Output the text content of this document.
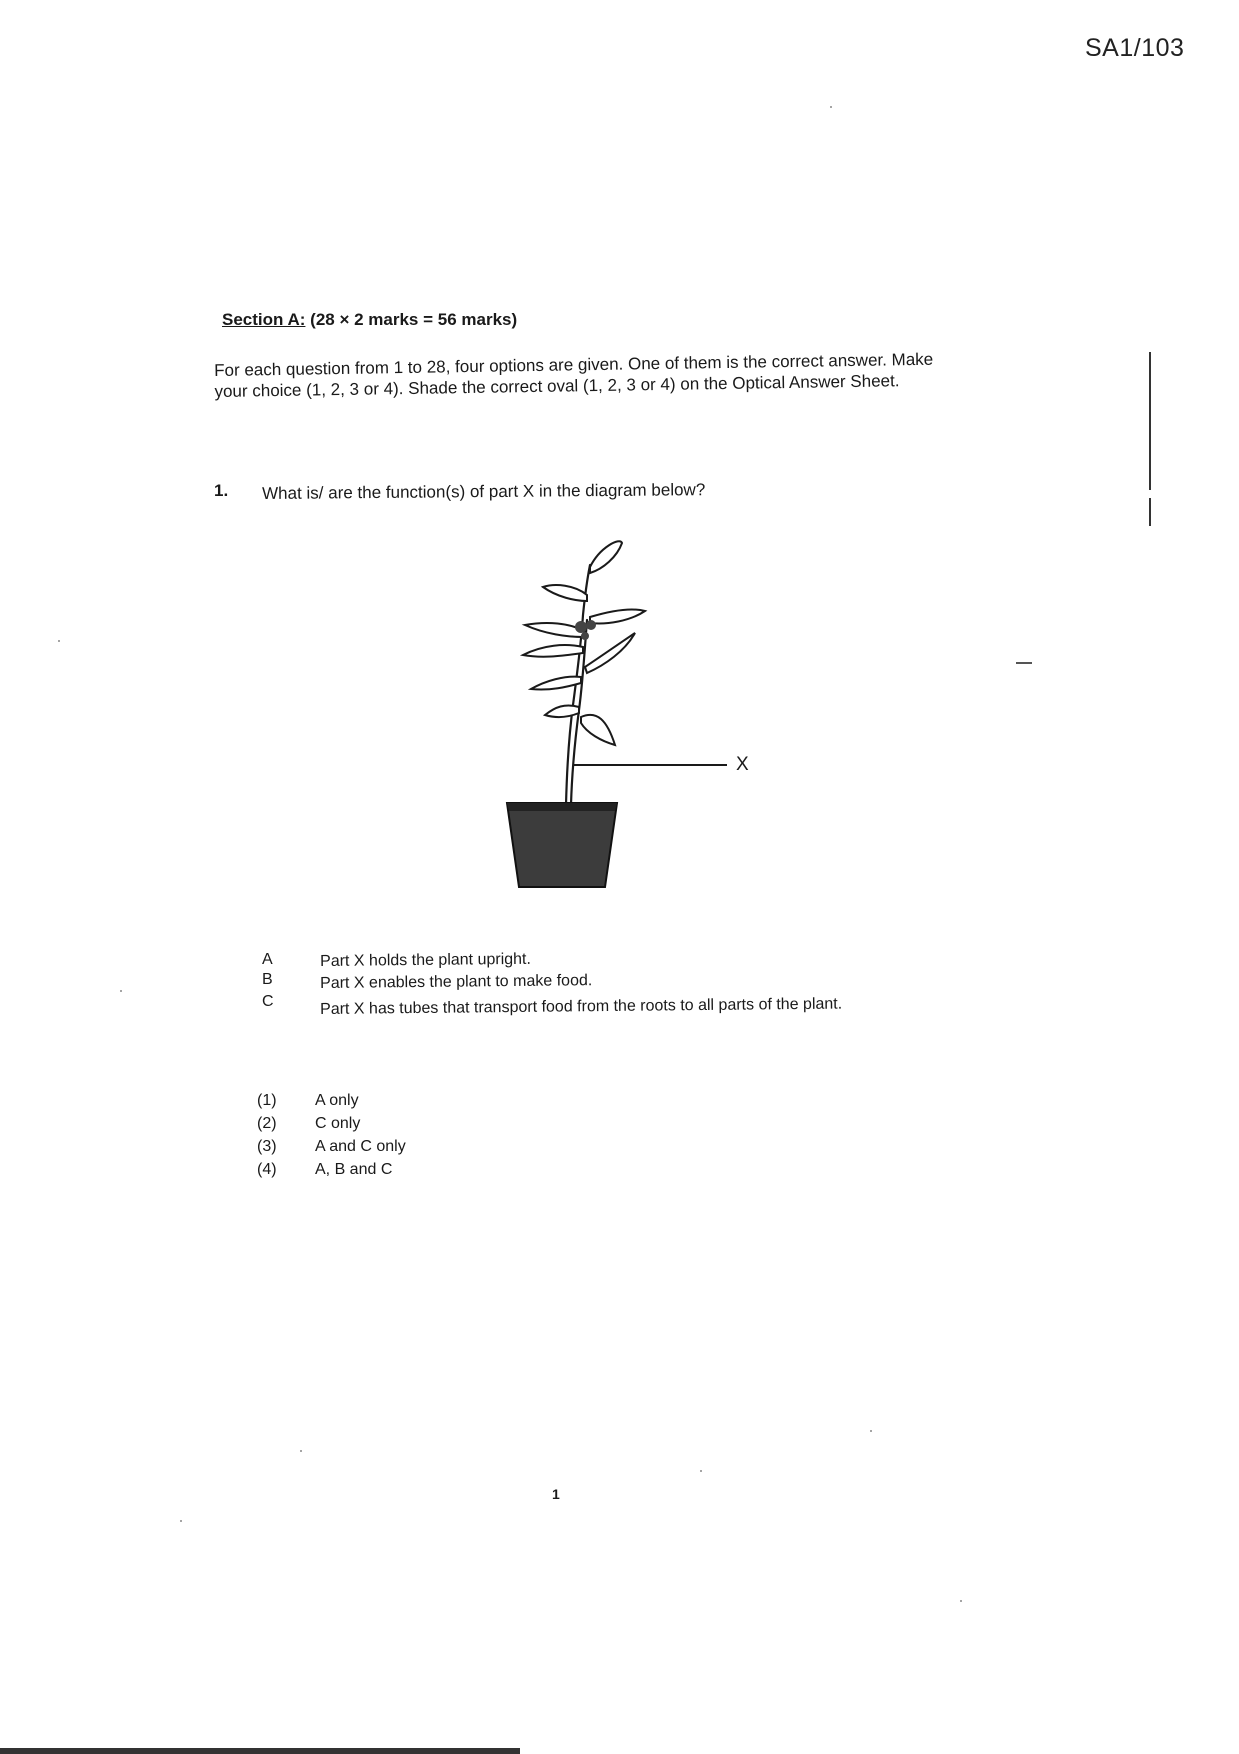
SA1/103
Section A: (28 × 2 marks = 56 marks)
For each question from 1 to 28, four options are given. One of them is the correct answer. Make your choice (1, 2, 3 or 4). Shade the correct oval (1, 2, 3 or 4) on the Optical Answer Sheet.
1. What is/ are the function(s) of part X in the diagram below?
X
A	Part X holds the plant upright.
B	Part X enables the plant to make food.
C	Part X has tubes that transport food from the roots to all parts of the plant.
(1) A only
(2) C only
(3) A and C only
(4) A, B and C
1
